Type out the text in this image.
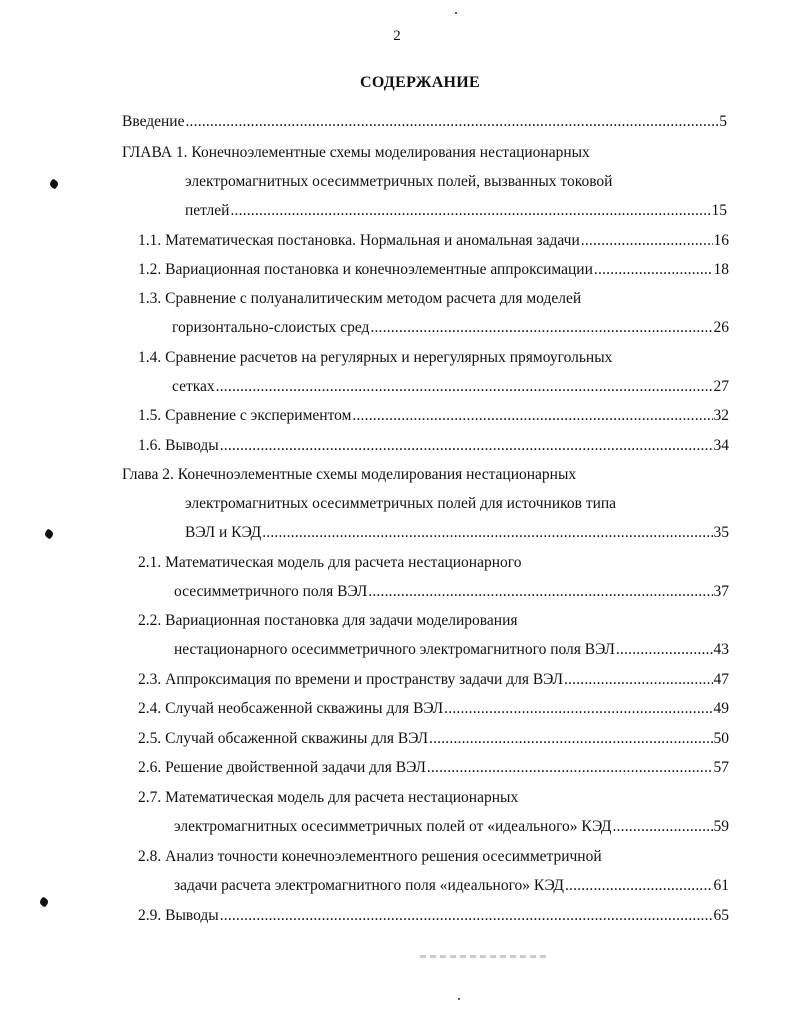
2
СОДЕРЖАНИЕ
Введение .....	5
ГЛАВА 1. Конечноэлементные схемы моделирования нестационарных
электромагнитных осесимметричных полей, вызванных токовой
петлей .....	15
1.1. Математическая постановка. Нормальная и аномальная задачи .....	16
1.2. Вариационная постановка и конечноэлементные аппроксимации .....	18
1.3. Сравнение с полуаналитическим методом расчета для моделей
горизонтально-слоистых сред .....	26
1.4. Сравнение расчетов на регулярных и нерегулярных прямоугольных
сетках .....	27
1.5. Сравнение с экспериментом .....	32
1.6. Выводы .....	34
Глава 2. Конечноэлементные схемы моделирования нестационарных
электромагнитных осесимметричных полей для источников типа
ВЭЛ и КЭД .....	35
2.1. Математическая модель для расчета нестационарного
осесимметричного поля ВЭЛ .....	37
2.2. Вариационная постановка для задачи моделирования
нестационарного осесимметричного электромагнитного поля ВЭЛ .....	43
2.3. Аппроксимация по времени и пространству задачи для ВЭЛ .....	47
2.4. Случай необсаженной скважины для ВЭЛ .....	49
2.5. Случай обсаженной скважины для ВЭЛ .....	50
2.6. Решение двойственной задачи для ВЭЛ .....	57
2.7. Математическая модель для расчета нестационарных
электромагнитных осесимметричных полей от «идеального» КЭД .....	59
2.8. Анализ точности конечноэлементного решения осесимметричной
задачи расчета электромагнитного поля «идеального» КЭД .....	61
2.9. Выводы .....	65
